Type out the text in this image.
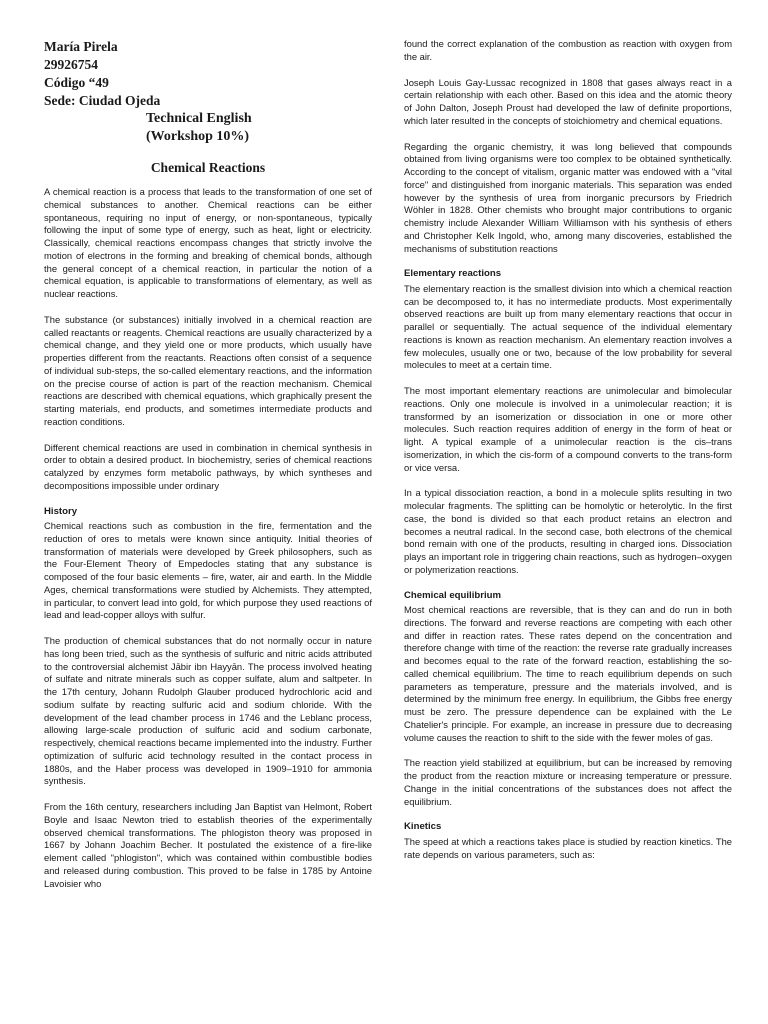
María Pirela
29926754
Código “49
Sede: Ciudad Ojeda
Technical English
(Workshop 10%)
Chemical Reactions

A chemical reaction is a process that leads to the transformation of one set of chemical substances to another. Chemical reactions can be either spontaneous, requiring no input of energy, or non-spontaneous, typically following the input of some type of energy, such as heat, light or electricity. Classically, chemical reactions encompass changes that strictly involve the motion of electrons in the forming and breaking of chemical bonds, although the general concept of a chemical reaction, in particular the notion of a chemical equation, is applicable to transformations of elementary, as well as nuclear reactions.

The substance (or substances) initially involved in a chemical reaction are called reactants or reagents. Chemical reactions are usually characterized by a chemical change, and they yield one or more products, which usually have properties different from the reactants. Reactions often consist of a sequence of individual sub-steps, the so-called elementary reactions, and the information on the precise course of action is part of the reaction mechanism. Chemical reactions are described with chemical equations, which graphically present the starting materials, end products, and sometimes intermediate products and reaction conditions.

Different chemical reactions are used in combination in chemical synthesis in order to obtain a desired product. In biochemistry, series of chemical reactions catalyzed by enzymes form metabolic pathways, by which syntheses and decompositions impossible under ordinary

History

Chemical reactions such as combustion in the fire, fermentation and the reduction of ores to metals were known since antiquity. Initial theories of transformation of materials were developed by Greek philosophers, such as the Four-Element Theory of Empedocles stating that any substance is composed of the four basic elements – fire, water, air and earth. In the Middle Ages, chemical transformations were studied by Alchemists. They attempted, in particular, to convert lead into gold, for which purpose they used reactions of lead and lead-copper alloys with sulfur.

The production of chemical substances that do not normally occur in nature has long been tried, such as the synthesis of sulfuric and nitric acids attributed to the controversial alchemist Jābir ibn Hayyān. The process involved heating of sulfate and nitrate minerals such as copper sulfate, alum and saltpeter. In the 17th century, Johann Rudolph Glauber produced hydrochloric acid and sodium sulfate by reacting sulfuric acid and sodium chloride. With the development of the lead chamber process in 1746 and the Leblanc process, allowing large-scale production of sulfuric acid and sodium carbonate, respectively, chemical reactions became implemented into the industry. Further optimization of sulfuric acid technology resulted in the contact process in 1880s, and the Haber process was developed in 1909–1910 for ammonia synthesis.

From the 16th century, researchers including Jan Baptist van Helmont, Robert Boyle and Isaac Newton tried to establish theories of the experimentally observed chemical transformations. The phlogiston theory was proposed in 1667 by Johann Joachim Becher. It postulated the existence of a fire-like element called "phlogiston", which was contained within combustible bodies and released during combustion. This proved to be false in 1785 by Antoine Lavoisier who

found the correct explanation of the combustion as reaction with oxygen from the air.

Joseph Louis Gay-Lussac recognized in 1808 that gases always react in a certain relationship with each other. Based on this idea and the atomic theory of John Dalton, Joseph Proust had developed the law of definite proportions, which later resulted in the concepts of stoichiometry and chemical equations.

Regarding the organic chemistry, it was long believed that compounds obtained from living organisms were too complex to be obtained synthetically. According to the concept of vitalism, organic matter was endowed with a "vital force" and distinguished from inorganic materials. This separation was ended however by the synthesis of urea from inorganic precursors by Friedrich Wöhler in 1828. Other chemists who brought major contributions to organic chemistry include Alexander William Williamson with his synthesis of ethers and Christopher Kelk Ingold, who, among many discoveries, established the mechanisms of substitution reactions

Elementary reactions

The elementary reaction is the smallest division into which a chemical reaction can be decomposed to, it has no intermediate products. Most experimentally observed reactions are built up from many elementary reactions that occur in parallel or sequentially. The actual sequence of the individual elementary reactions is known as reaction mechanism. An elementary reaction involves a few molecules, usually one or two, because of the low probability for several molecules to meet at a certain time.

The most important elementary reactions are unimolecular and bimolecular reactions. Only one molecule is involved in a unimolecular reaction; it is transformed by an isomerization or dissociation in one or more other molecules. Such reaction requires addition of energy in the form of heat or light. A typical example of a unimolecular reaction is the cis–trans isomerization, in which the cis-form of a compound converts to the trans-form or vice versa.

In a typical dissociation reaction, a bond in a molecule splits resulting in two molecular fragments. The splitting can be homolytic or heterolytic. In the first case, the bond is divided so that each product retains an electron and becomes a neutral radical. In the second case, both electrons of the chemical bond remain with one of the products, resulting in charged ions. Dissociation plays an important role in triggering chain reactions, such as hydrogen–oxygen or polymerization reactions.

Chemical equilibrium

Most chemical reactions are reversible, that is they can and do run in both directions. The forward and reverse reactions are competing with each other and differ in reaction rates. These rates depend on the concentration and therefore change with time of the reaction: the reverse rate gradually increases and becomes equal to the rate of the forward reaction, establishing the so-called chemical equilibrium. The time to reach equilibrium depends on such parameters as temperature, pressure and the materials involved, and is determined by the minimum free energy. In equilibrium, the Gibbs free energy must be zero. The pressure dependence can be explained with the Le Chatelier's principle. For example, an increase in pressure due to decreasing volume causes the reaction to shift to the side with the fewer moles of gas.

The reaction yield stabilized at equilibrium, but can be increased by removing the product from the reaction mixture or increasing temperature or pressure. Change in the initial concentrations of the substances does not affect the equilibrium.

Kinetics

The speed at which a reactions takes place is studied by reaction kinetics. The rate depends on various parameters, such as:
